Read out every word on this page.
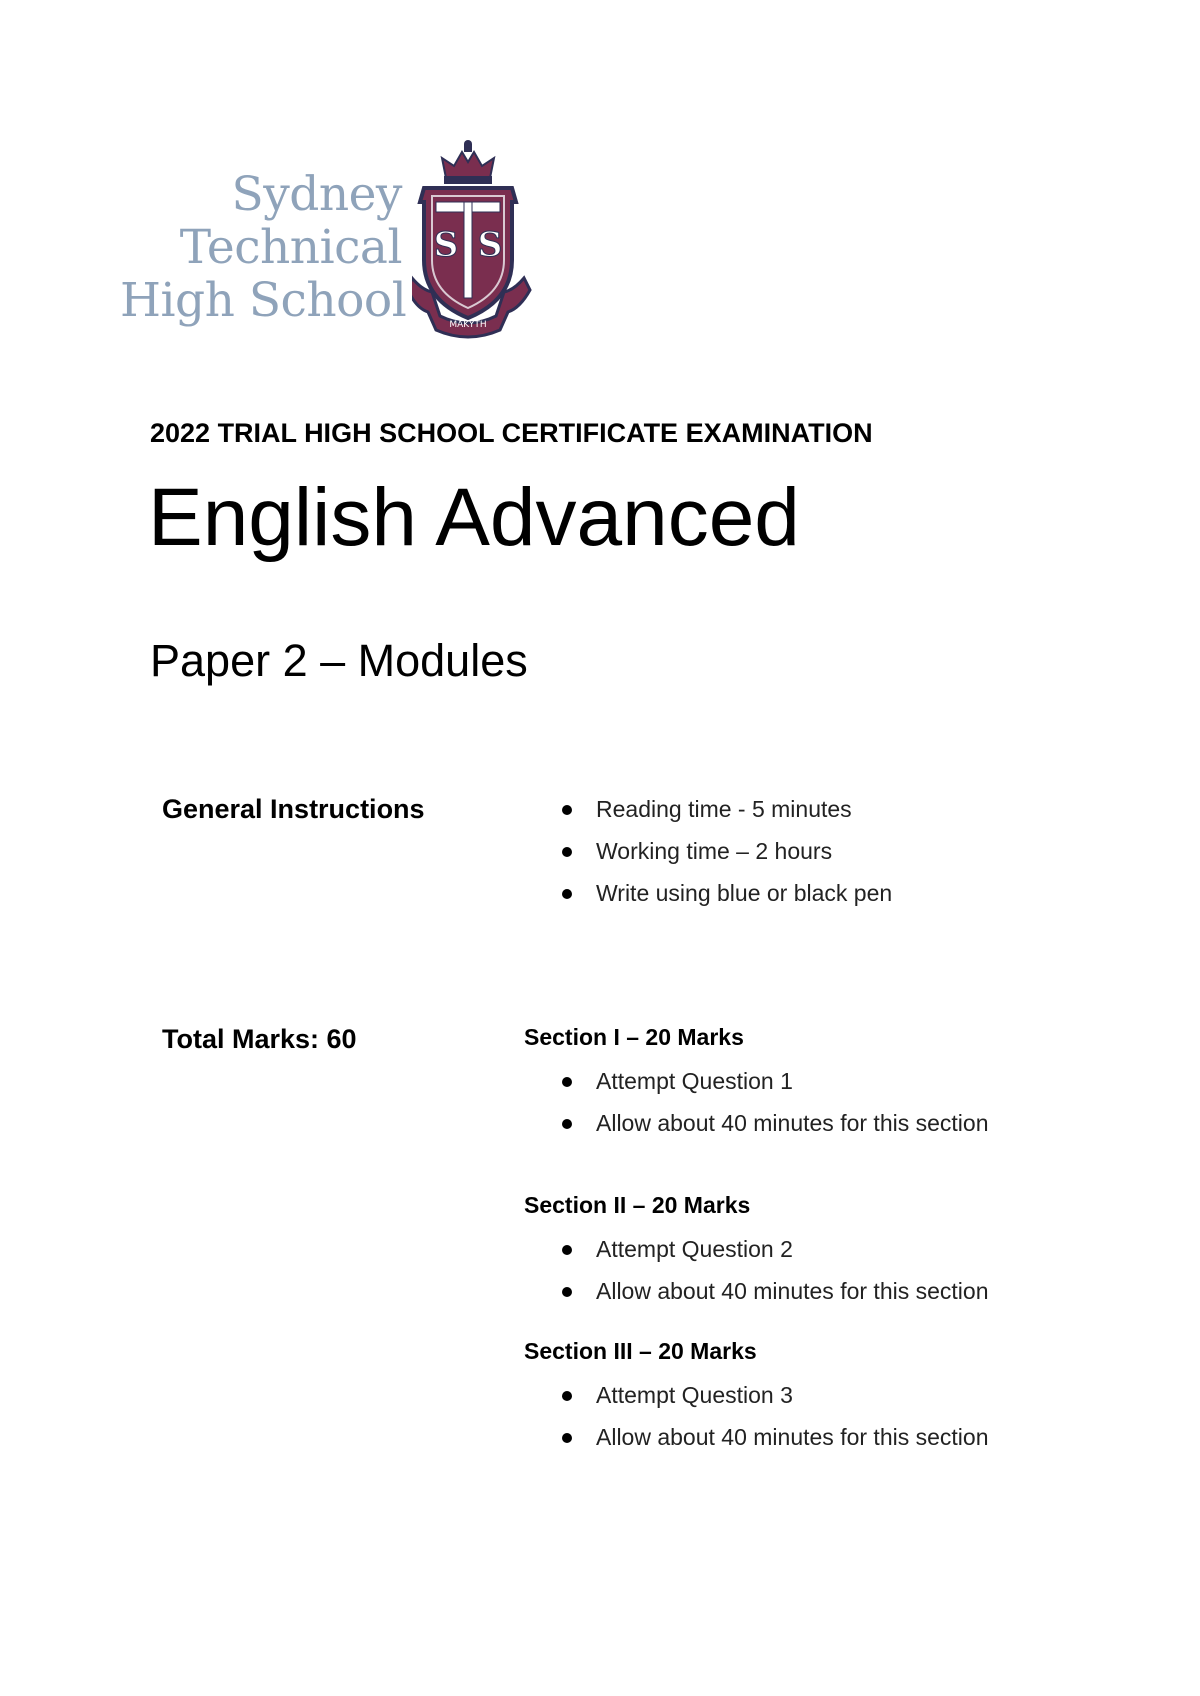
Sydney
Technical
High School
S S
MAKYTH
2022 TRIAL HIGH SCHOOL CERTIFICATE EXAMINATION
English Advanced
Paper 2 – Modules
General Instructions	Reading time - 5 minutes
Working time – 2 hours
Write using blue or black pen
Total Marks: 60	Section I – 20 Marks
Attempt Question 1
Allow about 40 minutes for this section
Section II – 20 Marks
Attempt Question 2
Allow about 40 minutes for this section
Section III – 20 Marks
Attempt Question 3
Allow about 40 minutes for this section
